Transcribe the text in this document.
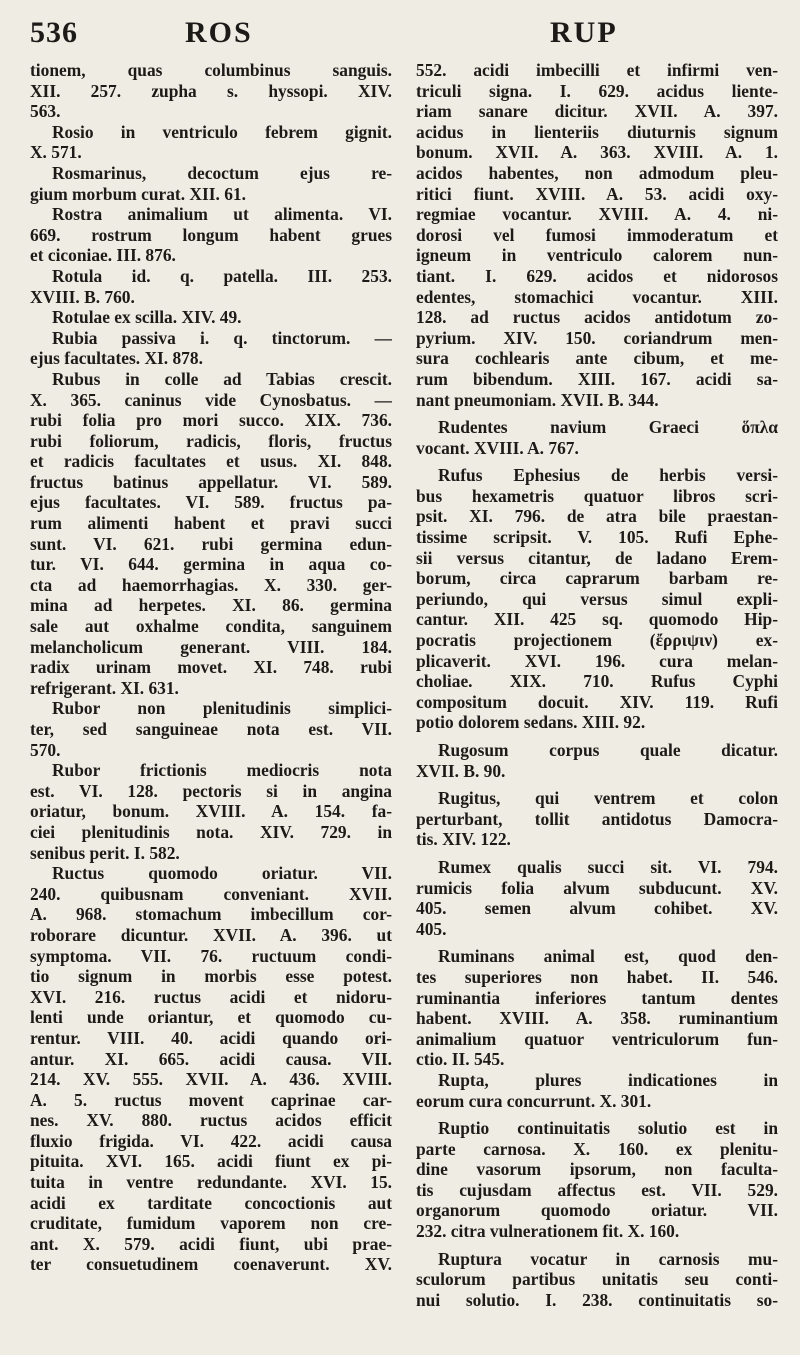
536	ROS	RUP
tionem, quas columbinus sanguis.
XII. 257. zupha s. hyssopi. XIV.
563.
Rosio in ventriculo febrem gignit.
X. 571.
Rosmarinus, decoctum ejus re-
gium morbum curat. XII. 61.
Rostra animalium ut alimenta. VI.
669. rostrum longum habent grues
et ciconiae. III. 876.
Rotula id. q. patella. III. 253.
XVIII. B. 760.
Rotulae ex scilla. XIV. 49.
Rubia passiva i. q. tinctorum. —
ejus facultates. XI. 878.
Rubus in colle ad Tabias crescit.
X. 365. caninus vide Cynosbatus. —
rubi folia pro mori succo. XIX. 736.
rubi foliorum, radicis, floris, fructus
et radicis facultates et usus. XI. 848.
fructus batinus appellatur. VI. 589.
ejus facultates. VI. 589. fructus pa-
rum alimenti habent et pravi succi
sunt. VI. 621. rubi germina edun-
tur. VI. 644. germina in aqua co-
cta ad haemorrhagias. X. 330. ger-
mina ad herpetes. XI. 86. germina
sale aut oxhalme condita, sanguinem
melancholicum generant. VIII. 184.
radix urinam movet. XI. 748. rubi
refrigerant. XI. 631.
Rubor non plenitudinis simplici-
ter, sed sanguineae nota est. VII.
570.
Rubor frictionis mediocris nota
est. VI. 128. pectoris si in angina
oriatur, bonum. XVIII. A. 154. fa-
ciei plenitudinis nota. XIV. 729. in
senibus perit. I. 582.
Ructus quomodo oriatur. VII.
240. quibusnam conveniant. XVII.
A. 968. stomachum imbecillum cor-
roborare dicuntur. XVII. A. 396. ut
symptoma. VII. 76. ructuum condi-
tio signum in morbis esse potest.
XVI. 216. ructus acidi et nidoru-
lenti unde oriantur, et quomodo cu-
rentur. VIII. 40. acidi quando ori-
antur. XI. 665. acidi causa. VII.
214. XV. 555. XVII. A. 436. XVIII.
A. 5. ructus movent caprinae car-
nes. XV. 880. ructus acidos efficit
fluxio frigida. VI. 422. acidi causa
pituita. XVI. 165. acidi fiunt ex pi-
tuita in ventre redundante. XVI. 15.
acidi ex tarditate concoctionis aut
cruditate, fumidum vaporem non cre-
ant. X. 579. acidi fiunt, ubi prae-
ter consuetudinem coenaverunt. XV.
552. acidi imbecilli et infirmi ven-
triculi signa. I. 629. acidus liente-
riam sanare dicitur. XVII. A. 397.
acidus in lienteriis diuturnis signum
bonum. XVII. A. 363. XVIII. A. 1.
acidos habentes, non admodum pleu-
ritici fiunt. XVIII. A. 53. acidi oxy-
regmiae vocantur. XVIII. A. 4. ni-
dorosi vel fumosi immoderatum et
igneum in ventriculo calorem nun-
tiant. I. 629. acidos et nidorosos
edentes, stomachici vocantur. XIII.
128. ad ructus acidos antidotum zo-
pyrium. XIV. 150. coriandrum men-
sura cochlearis ante cibum, et me-
rum bibendum. XIII. 167. acidi sa-
nant pneumoniam. XVII. B. 344.
Rudentes navium Graeci ὅπλα
vocant. XVIII. A. 767.
Rufus Ephesius de herbis versi-
bus hexametris quatuor libros scri-
psit. XI. 796. de atra bile praestan-
tissime scripsit. V. 105. Rufi Ephe-
sii versus citantur, de ladano Erem-
borum, circa caprarum barbam re-
periundo, qui versus simul expli-
cantur. XII. 425 sq. quomodo Hip-
pocratis projectionem (ἔρριψιν) ex-
plicaverit. XVI. 196. cura melan-
choliae. XIX. 710. Rufus Cyphi
compositum docuit. XIV. 119. Rufi
potio dolorem sedans. XIII. 92.
Rugosum corpus quale dicatur.
XVII. B. 90.
Rugitus, qui ventrem et colon
perturbant, tollit antidotus Damocra-
tis. XIV. 122.
Rumex qualis succi sit. VI. 794.
rumicis folia alvum subducunt. XV.
405. semen alvum cohibet. XV.
405.
Ruminans animal est, quod den-
tes superiores non habet. II. 546.
ruminantia inferiores tantum dentes
habent. XVIII. A. 358. ruminantium
animalium quatuor ventriculorum fun-
ctio. II. 545.
Rupta, plures indicationes in
eorum cura concurrunt. X. 301.
Ruptio continuitatis solutio est in
parte carnosa. X. 160. ex plenitu-
dine vasorum ipsorum, non faculta-
tis cujusdam affectus est. VII. 529.
organorum quomodo oriatur. VII.
232. citra vulnerationem fit. X. 160.
Ruptura vocatur in carnosis mu-
sculorum partibus unitatis seu conti-
nui solutio. I. 238. continuitatis so-
